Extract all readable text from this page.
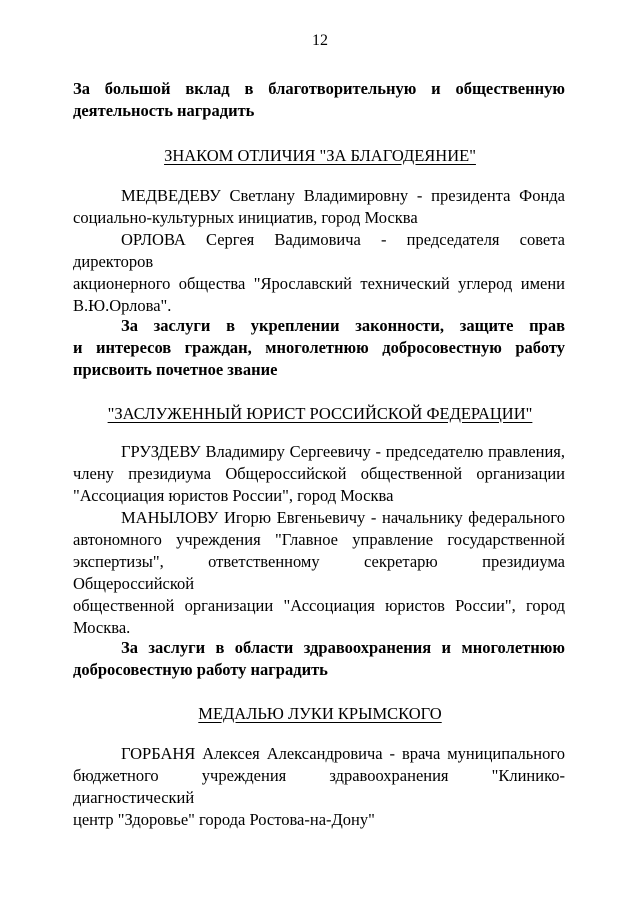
12
За большой вклад в благотворительную и общественную
деятельность наградить
ЗНАКОМ ОТЛИЧИЯ "ЗА БЛАГОДЕЯНИЕ"
МЕДВЕДЕВУ Светлану Владимировну - президента Фонда
социально-культурных инициатив, город Москва
ОРЛОВА Сергея Вадимовича - председателя совета директоров
акционерного общества "Ярославский технический углерод имени
В.Ю.Орлова".
За заслуги в укреплении законности, защите прав
и интересов граждан, многолетнюю добросовестную работу
присвоить почетное звание
"ЗАСЛУЖЕННЫЙ ЮРИСТ РОССИЙСКОЙ ФЕДЕРАЦИИ"
ГРУЗДЕВУ Владимиру Сергеевичу - председателю правления,
члену президиума Общероссийской общественной организации
"Ассоциация юристов России", город Москва
МАНЫЛОВУ Игорю Евгеньевичу - начальнику федерального
автономного учреждения "Главное управление государственной
экспертизы", ответственному секретарю президиума Общероссийской
общественной организации "Ассоциация юристов России", город
Москва.
За заслуги в области здравоохранения и многолетнюю
добросовестную работу наградить
МЕДАЛЬЮ ЛУКИ КРЫМСКОГО
ГОРБАНЯ Алексея Александровича - врача муниципального
бюджетного учреждения здравоохранения "Клинико-диагностический
центр "Здоровье" города Ростова-на-Дону"
